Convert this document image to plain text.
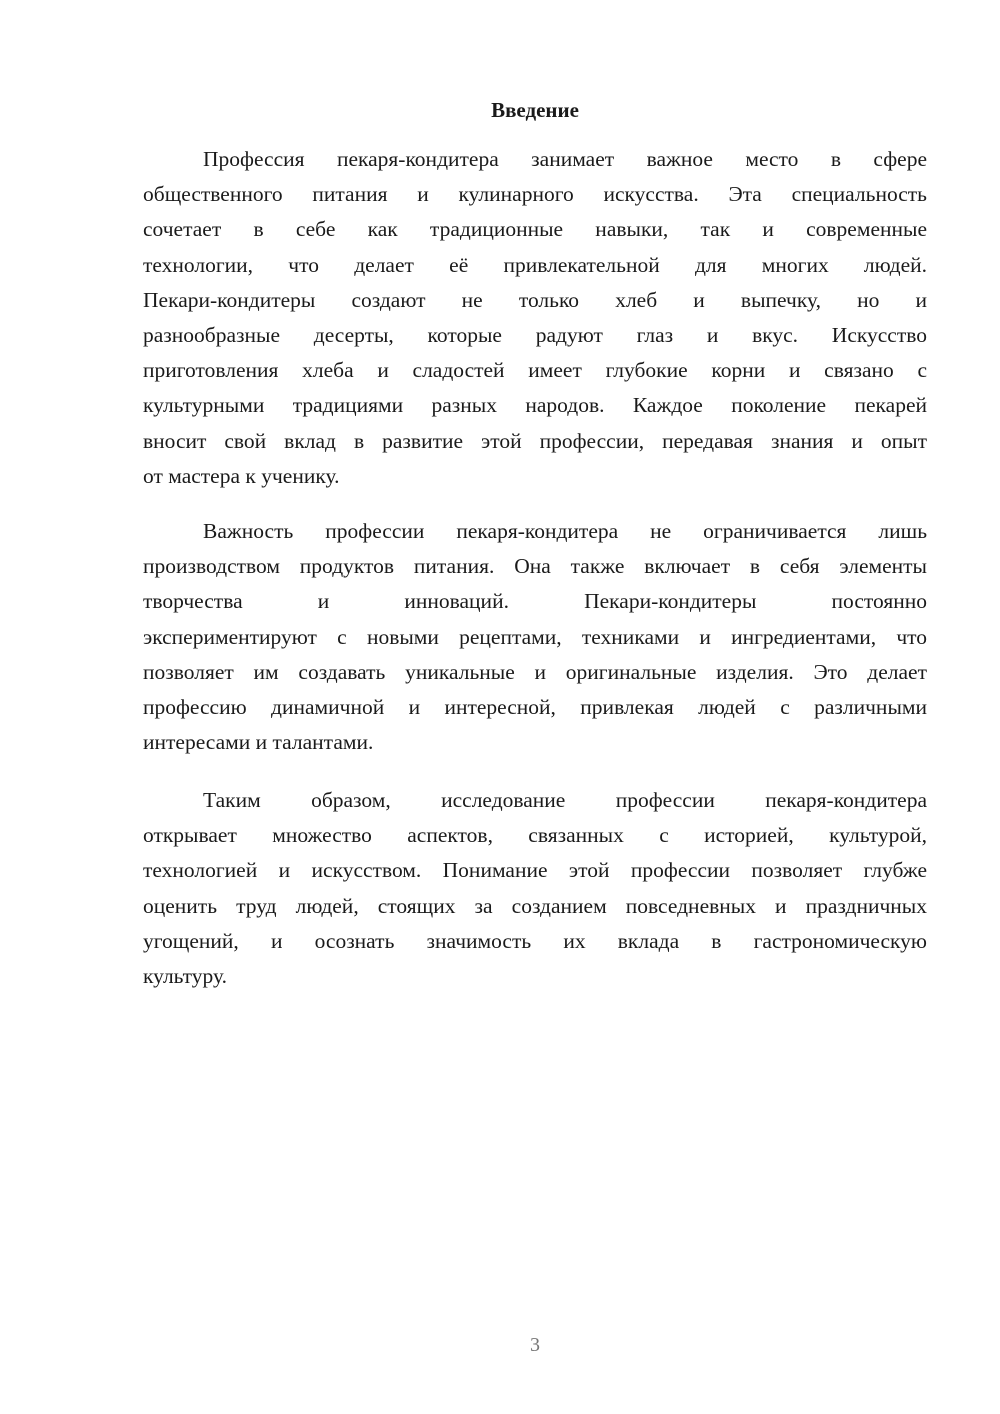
Введение
Профессия пекаря-кондитера занимает важное место в сфере
общественного питания и кулинарного искусства. Эта специальность
сочетает в себе как традиционные навыки, так и современные
технологии, что делает её привлекательной для многих людей.
Пекари-кондитеры создают не только хлеб и выпечку, но и
разнообразные десерты, которые радуют глаз и вкус. Искусство
приготовления хлеба и сладостей имеет глубокие корни и связано с
культурными традициями разных народов. Каждое поколение пекарей
вносит свой вклад в развитие этой профессии, передавая знания и опыт
от мастера к ученику.
Важность профессии пекаря-кондитера не ограничивается лишь
производством продуктов питания. Она также включает в себя элементы
творчества и инноваций. Пекари-кондитеры постоянно
экспериментируют с новыми рецептами, техниками и ингредиентами, что
позволяет им создавать уникальные и оригинальные изделия. Это делает
профессию динамичной и интересной, привлекая людей с различными
интересами и талантами.
Таким образом, исследование профессии пекаря-кондитера
открывает множество аспектов, связанных с историей, культурой,
технологией и искусством. Понимание этой профессии позволяет глубже
оценить труд людей, стоящих за созданием повседневных и праздничных
угощений, и осознать значимость их вклада в гастрономическую
культуру.
3
